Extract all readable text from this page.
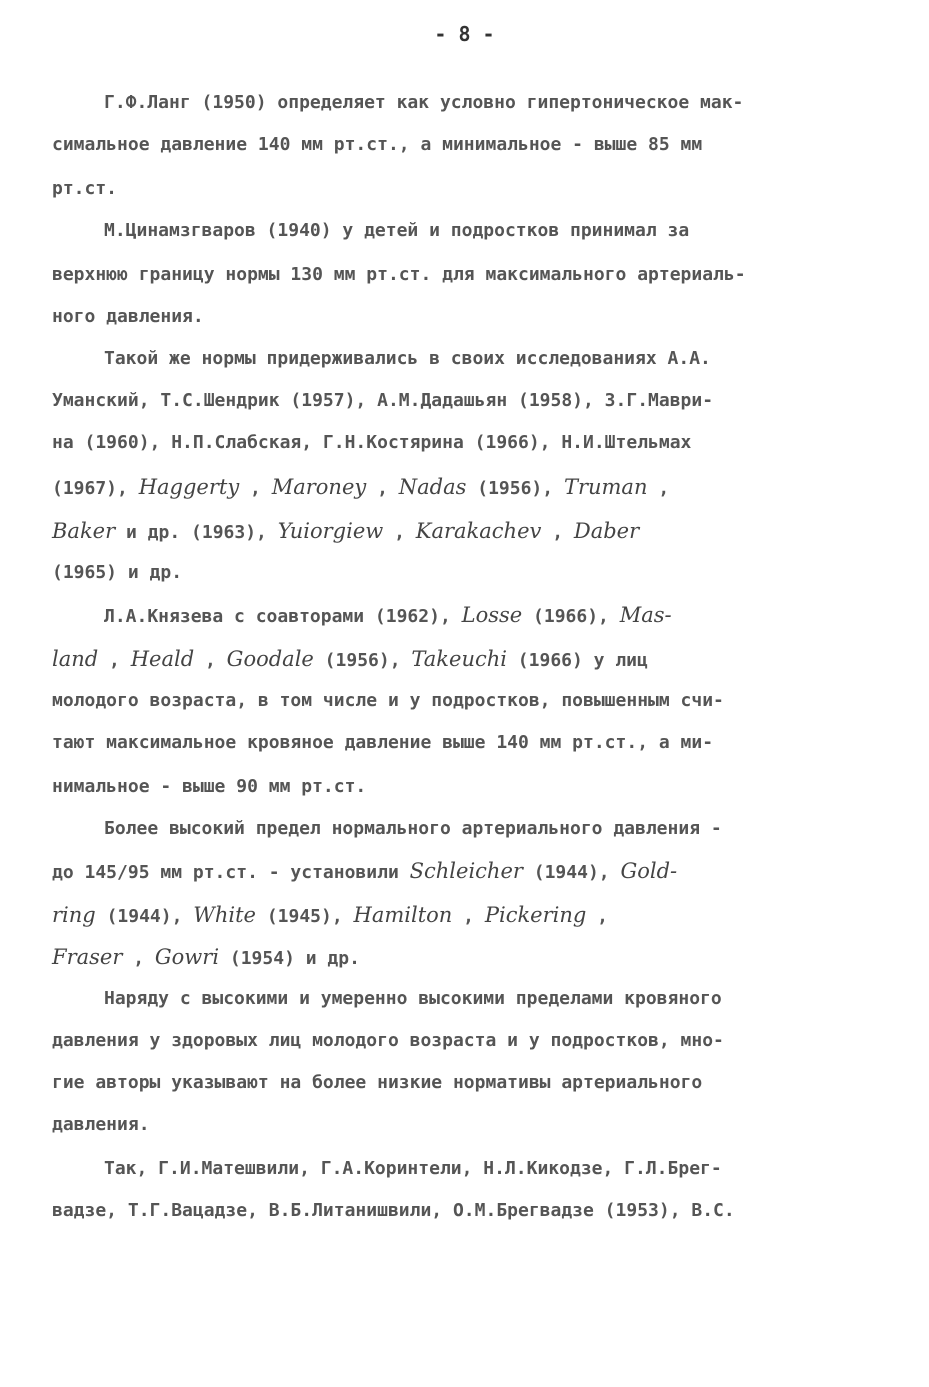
- 8 -
Г.Ф.Ланг (1950) определяет как условно гипертоническое мак-
симальное давление 140 мм рт.ст., а минимальное - выше 85 мм
рт.ст.
М.Цинамзгваров (1940) у детей и подростков принимал за
верхнюю границу нормы 130 мм рт.ст. для максимального артериаль-
ного давления.
Такой же нормы придерживались в своих исследованиях А.А.
Уманский, Т.С.Шендрик (1957), А.М.Дадашьян (1958), З.Г.Маври-
на (1960), Н.П.Слабская, Г.Н.Костярина (1966), Н.И.Штельмах
(1967), Haggerty , Maroney , Nadas (1956), Truman ,
Baker и др. (1963), Yuiorgiew , Karakachev , Daber
(1965) и др.
Л.А.Князева с соавторами (1962), Losse (1966), Mas-
land , Heald , Goodale (1956), Takeuchi (1966) у лиц
молодого возраста, в том числе и у подростков, повышенным счи-
тают максимальное кровяное давление выше 140 мм рт.ст., а ми-
нимальное - выше 90 мм рт.ст.
Более высокий предел нормального артериального давления -
до 145/95 мм рт.ст. - установили Schleicher (1944), Gold-
ring (1944), White (1945), Hamilton , Pickering ,
Fraser , Gowri (1954) и др.
Наряду с высокими и умеренно высокими пределами кровяного
давления у здоровых лиц молодого возраста и у подростков, мно-
гие авторы указывают на более низкие нормативы артериального
давления.
Так, Г.И.Матешвили, Г.А.Коринтели, Н.Л.Кикодзе, Г.Л.Брег-
вадзе, Т.Г.Вацадзе, В.Б.Литанишвили, О.М.Брегвадзе (1953), В.С.
